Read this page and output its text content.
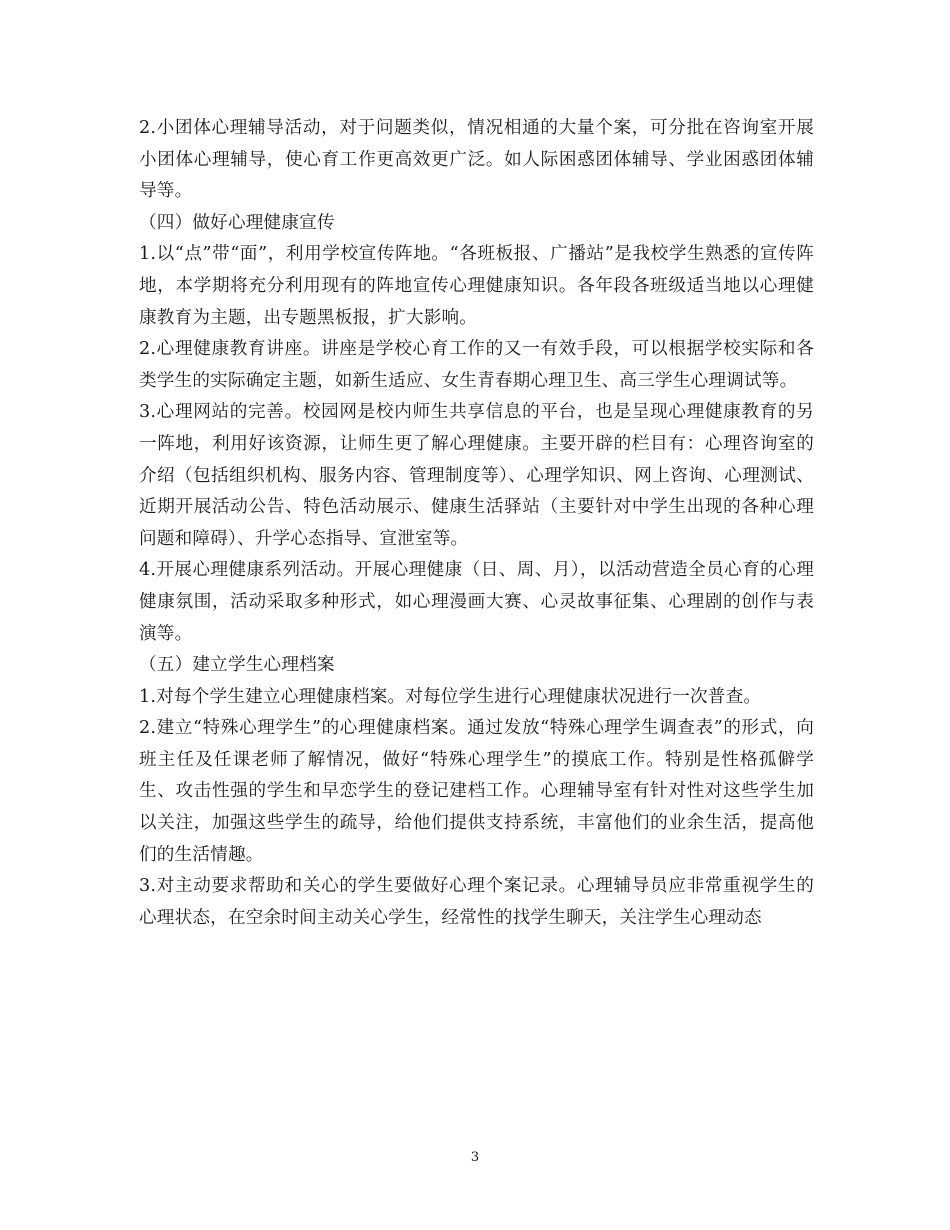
2.小团体心理辅导活动，对于问题类似，情况相通的大量个案，可分批在咨询室开展小团体心理辅导，使心育工作更高效更广泛。如人际困惑团体辅导、学业困惑团体辅导等。

（四）做好心理健康宣传

1.以“点”带“面”，利用学校宣传阵地。“各班板报、广播站”是我校学生熟悉的宣传阵地，本学期将充分利用现有的阵地宣传心理健康知识。各年段各班级适当地以心理健康教育为主题，出专题黑板报，扩大影响。

2.心理健康教育讲座。讲座是学校心育工作的又一有效手段，可以根据学校实际和各类学生的实际确定主题，如新生适应、女生青春期心理卫生、高三学生心理调试等。

3.心理网站的完善。校园网是校内师生共享信息的平台，也是呈现心理健康教育的另一阵地，利用好该资源，让师生更了解心理健康。主要开辟的栏目有：心理咨询室的介绍（包括组织机构、服务内容、管理制度等）、心理学知识、网上咨询、心理测试、近期开展活动公告、特色活动展示、健康生活驿站（主要针对中学生出现的各种心理问题和障碍）、升学心态指导、宣泄室等。

4.开展心理健康系列活动。开展心理健康（日、周、月），以活动营造全员心育的心理健康氛围，活动采取多种形式，如心理漫画大赛、心灵故事征集、心理剧的创作与表演等。

（五）建立学生心理档案

1.对每个学生建立心理健康档案。对每位学生进行心理健康状况进行一次普查。

2.建立“特殊心理学生”的心理健康档案。通过发放“特殊心理学生调查表”的形式，向班主任及任课老师了解情况，做好“特殊心理学生”的摸底工作。特别是性格孤僻学生、攻击性强的学生和早恋学生的登记建档工作。心理辅导室有针对性对这些学生加以关注，加强这些学生的疏导，给他们提供支持系统，丰富他们的业余生活，提高他们的生活情趣。

3.对主动要求帮助和关心的学生要做好心理个案记录。心理辅导员应非常重视学生的心理状态，在空余时间主动关心学生，经常性的找学生聊天，关注学生心理动态

3
